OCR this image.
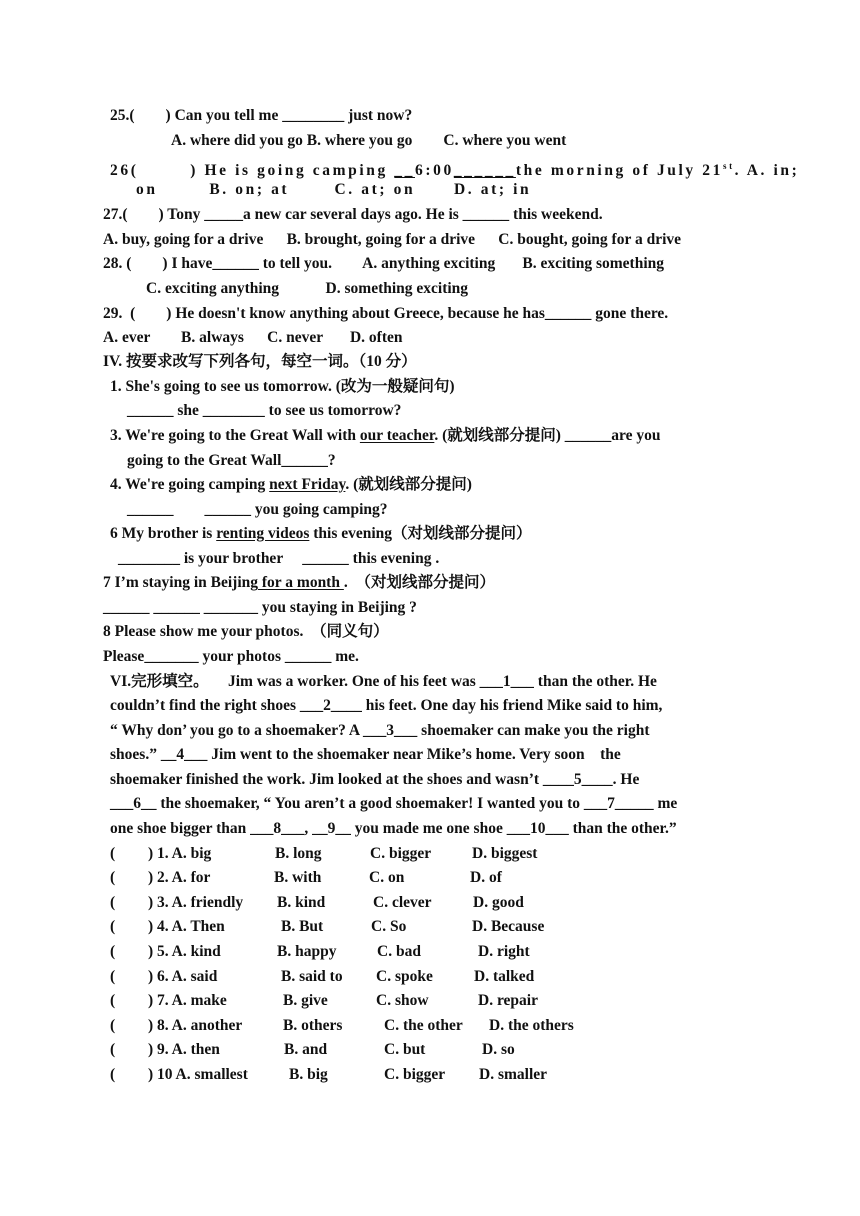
25.(        ) Can you tell me ________ just now?
A. where did you go B. where you go        C. where you went
26(        ) He is going camping __6:00______the morning of July 21st. A. in;
on        B. on; at       C. at; on      D. at; in
27.(        ) Tony _____a new car several days ago. He is ______ this weekend.
A. buy, going for a drive      B. brought, going for a drive      C. bought, going for a drive
28. (        ) I have______ to tell you.        A. anything exciting       B. exciting something
C. exciting anything            D. something exciting
29.  (        ) He doesn't know anything about Greece, because he has______ gone there.
A. ever        B. always      C. never       D. often
IV. 按要求改写下列各句，每空一词。（10 分）
1. She's going to see us tomorrow. (改为一般疑问句)
______ she ________ to see us tomorrow?
3. We're going to the Great Wall with our teacher. (就划线部分提问) ______are you
going to the Great Wall______?
4. We're going camping next Friday. (就划线部分提问)
______        ______ you going camping?
6 My brother is renting videos this evening（对划线部分提问）
________ is your brother     ______ this evening .
7 I’m staying in Beijing for a month .  （对划线部分提问）
______ ______ _______ you staying in Beijing ?
8 Please show me your photos.  （同义句）
Please_______ your photos ______ me.
VI.完形填空。     Jim was a worker. One of his feet was ___1___ than the other. He
couldn’t find the right shoes ___2____ his feet. One day his friend Mike said to him,
“ Why don’ you go to a shoemaker? A ___3___ shoemaker can make you the right
shoes.” __4___ Jim went to the shoemaker near Mike’s home. Very soon    the
shoemaker finished the work. Jim looked at the shoes and wasn’t ____5____. He
___6__ the shoemaker, “ You aren’t a good shoemaker! I wanted you to ___7_____ me
one shoe bigger than ___8___, __9__ you made me one shoe ___10___ than the other.”
( ) 1. A. big	B. long	C. bigger	D. biggest
( ) 2. A. for	B. with	C. on	D. of
( ) 3. A. friendly B. kind	C. clever	D. good
( ) 4. A. Then	B. But	C. So	D. Because
( ) 5. A. kind	B. happy	C. bad	D. right
( ) 6. A. said	B. said to C. spoke	D. talked
( ) 7. A. make	B. give	C. show	D. repair
( ) 8. A. another	B. others	C. the other D. the others
( ) 9. A. then	B. and	C. but	D. so
( ) 10 A. smallest	B. big	C. bigger D. smaller
